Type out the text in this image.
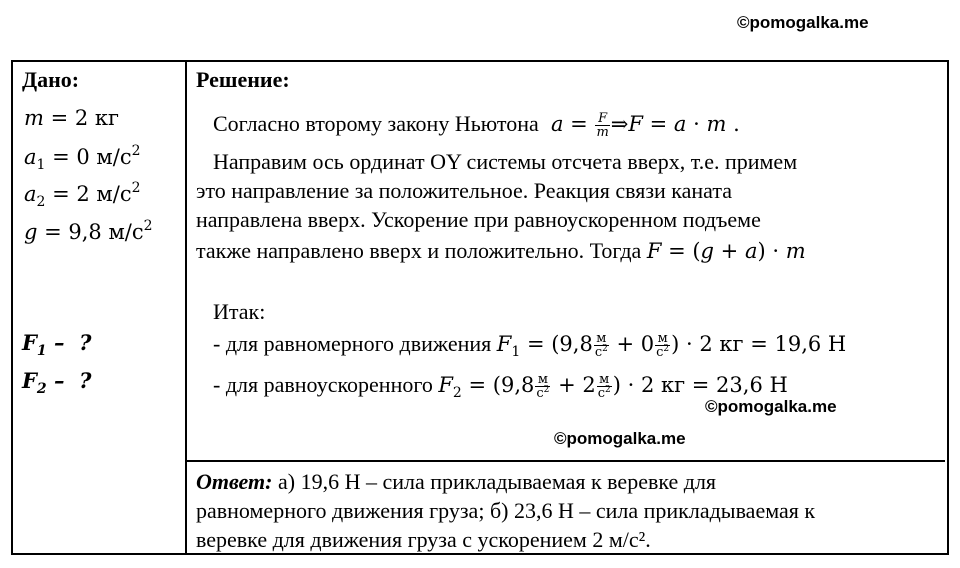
©pomogalka.me
Дано:
m = 2 кг
$a_1 = 0$ $м/с^2$
$a_2 = 2$ $м/с^2$
g = 9,8 $м/с^2$
$F_1$ –  ?
$F_2$ –  ?
Решение:
Согласно второму закону Ньютона $a = \frac{F}{m}$ ⇒F = a · m .
Направим ось ординат OY системы отсчета вверх, т.е. примем
это направление за положительное. Реакция связи каната
направлена вверх. Ускорение при равноускоренном подъеме
также направлено вверх и положительно. Тогда F = (g + a) · m
Итак:
- для равномерного движения $F_1 = (9,8 \frac{м}{с^2} + 0 \frac{м}{с^2}$ ) · 2 кг = 19,6 Н
- для равноускоренного $F_2 = (9,8 \frac{м}{с^2} + 2 \frac{м}{с^2}$ ) · 2 кг = 23,6 Н
©pomogalka.me
©pomogalka.me
Ответ: а) 19,6 Н – сила прикладываемая к веревке для
равномерного движения груза; б) 23,6 Н – сила прикладываемая к
веревке для движения груза с ускорением 2 м/с².
